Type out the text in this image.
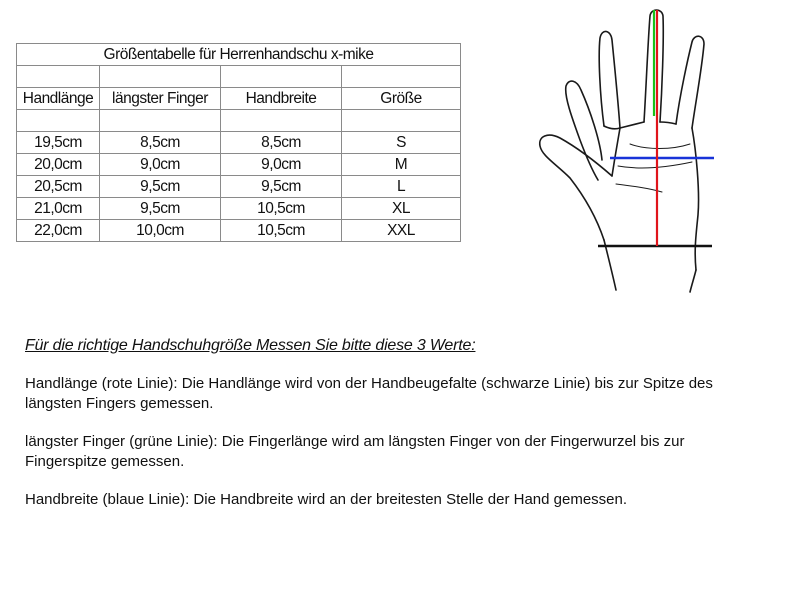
Größentabelle für Herrenhandschu x-mike			

Handlänge	längster Finger	Handbreite	Größe

19,5cm	8,5cm	8,5cm	S
20,0cm	9,0cm	9,0cm	M
20,5cm	9,5cm	9,5cm	L
21,0cm	9,5cm	10,5cm	XL
22,0cm	10,0cm	10,5cm	XXL
Für die richtige Handschuhgröße Messen Sie bitte diese 3 Werte:

Handlänge (rote Linie): Die Handlänge wird von der Handbeugefalte (schwarze Linie) bis zur Spitze des längsten Fingers gemessen.

längster Finger (grüne Linie): Die Fingerlänge wird am längsten Finger von der Fingerwurzel bis zur Fingerspitze gemessen.

Handbreite (blaue Linie): Die Handbreite wird an der breitesten Stelle der Hand gemessen.
